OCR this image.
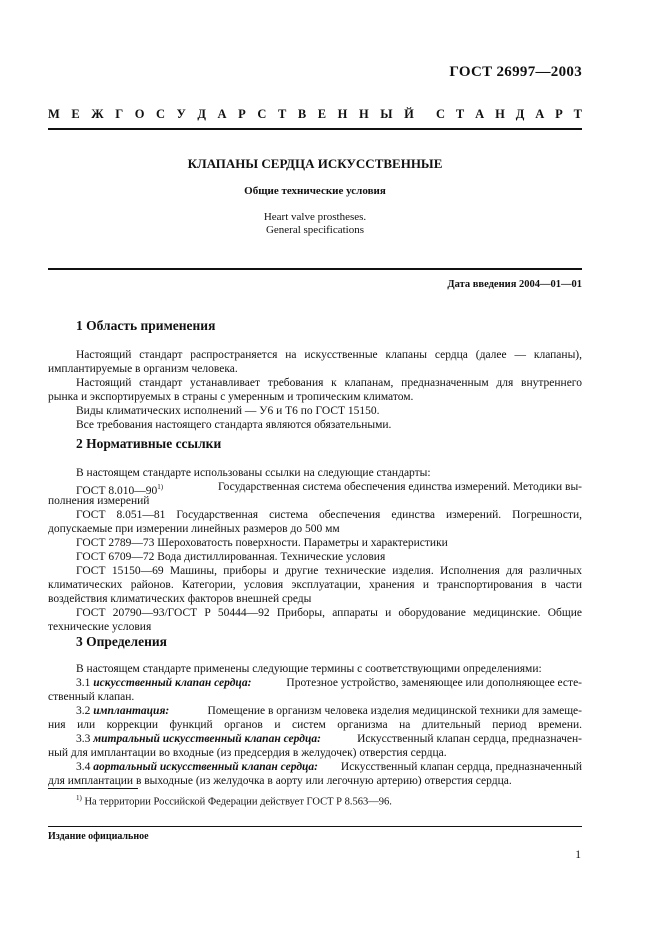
ГОСТ 26997—2003
М Е Ж Г О С У Д А Р С Т В Е Н Н Ы Й С Т А Н Д А Р Т
КЛАПАНЫ СЕРДЦА ИСКУССТВЕННЫЕ
Общие технические условия
Heart valve prostheses.
General specifications
Дата введения 2004—01—01
1 Область применения
Настоящий стандарт распространяется на искусственные клапаны сердца (далее — клапаны),
имплантируемые в организм человека.
Настоящий стандарт устанавливает требования к клапанам, предназначенным для внутреннего
рынка и экспортируемых в страны с умеренным и тропическим климатом.
Виды климатических исполнений — У6 и Т6 по ГОСТ 15150.
Все требования настоящего стандарта являются обязательными.
2 Нормативные ссылки
В настоящем стандарте использованы ссылки на следующие стандарты:
ГОСТ 8.010—90$^{1)}$	Государственная система обеспечения единства измерений. Методики вы-
полнения измерений
ГОСТ 8.051—81 Государственная система обеспечения единства измерений. Погрешности,
допускаемые при измерении линейных размеров до 500 мм
ГОСТ 2789—73 Шероховатость поверхности. Параметры и характеристики
ГОСТ 6709—72 Вода дистиллированная. Технические условия
ГОСТ 15150—69 Машины, приборы и другие технические изделия. Исполнения для различных
климатических районов. Категории, условия эксплуатации, хранения и транспортирования в части
воздействия климатических факторов внешней среды
ГОСТ 20790—93/ГОСТ Р 50444—92 Приборы, аппараты и оборудование медицинские. Общие
технические условия
3 Определения
В настоящем стандарте применены следующие термины с соответствующими определениями:
3.1 искусственный клапан сердца:	Протезное устройство, заменяющее или дополняющее есте-
ственный клапан.
3.2 имплантация:	Помещение в организм человека изделия медицинской техники для замеще-
ния или коррекции функций органов и систем организма на длительный период времени.
3.3 митральный искусственный клапан сердца:	Искусственный клапан сердца, предназначен-
ный для имплантации во входные (из предсердия в желудочек) отверстия сердца.
3.4 аортальный искусственный клапан сердца: Искусственный клапан сердца, предназначенный
для имплантации в выходные (из желудочка в аорту или легочную артерию) отверстия сердца.
$^{1)}$ На территории Российской Федерации действует ГОСТ Р 8.563—96.
Издание официальное
1
